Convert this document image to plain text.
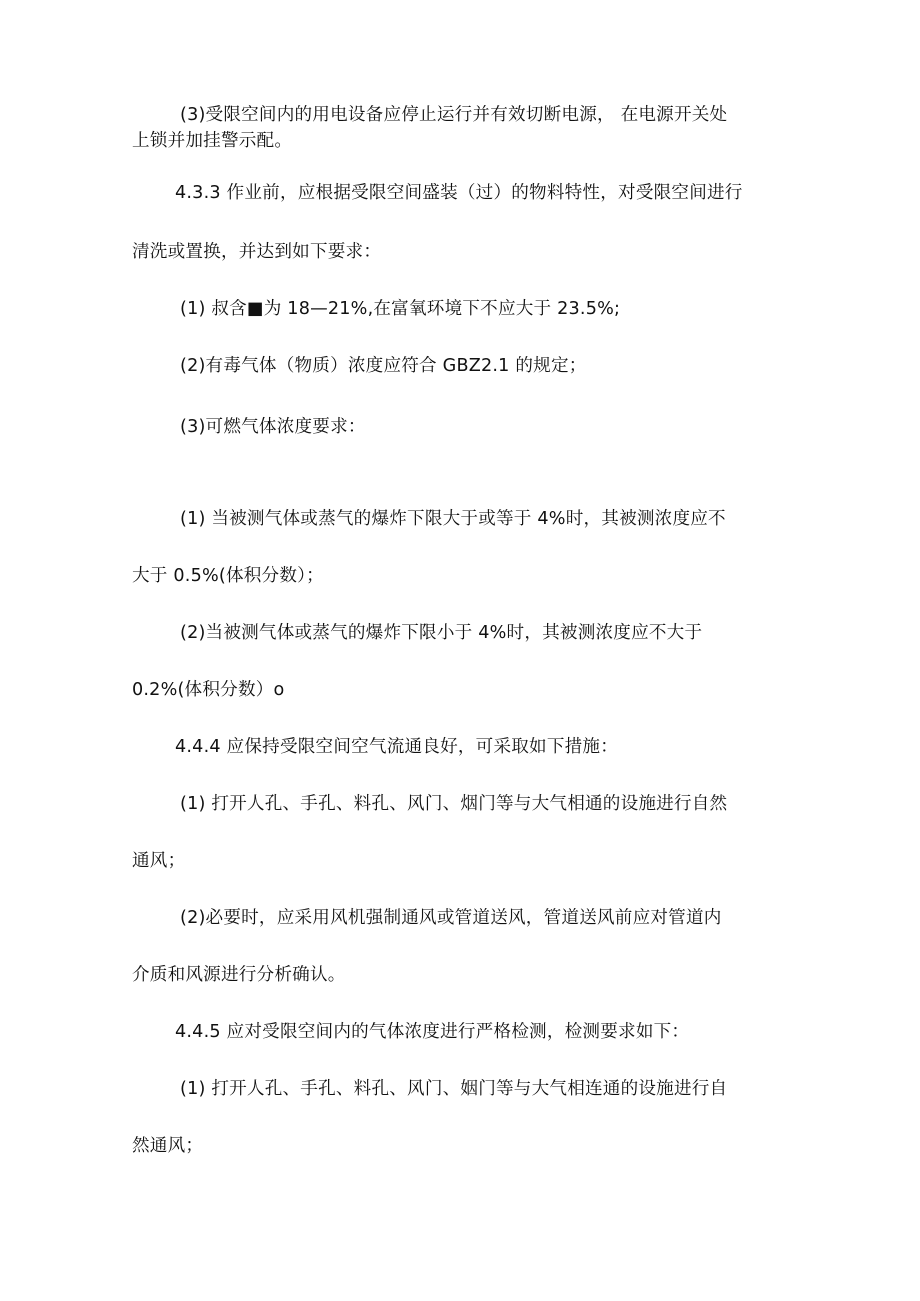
(3)受限空间内的用电设备应停止运行并有效切断电源， 在电源开关处
上锁并加挂警示配。
4.3.3 作业前，应根据受限空间盛装（过）的物料特性，对受限空间进行
清洗或置换，并达到如下要求：
(1) 叔含■为 18—21%,在富氧环境下不应大于 23.5%;
(2)有毒气体（物质）浓度应符合 GBZ2.1 的规定；
(3)可燃气体浓度要求：
(1) 当被测气体或蒸气的爆炸下限大于或等于 4%时，其被测浓度应不
大于 0.5%(体积分数）；
(2)当被测气体或蒸气的爆炸下限小于 4%时，其被测浓度应不大于
0.2%(体积分数）o
4.4.4 应保持受限空间空气流通良好，可采取如下措施：
(1) 打开人孔、手孔、料孔、风门、烟门等与大气相通的设施进行自然
通风；
(2)必要时，应采用风机强制通风或管道送风，管道送风前应对管道内
介质和风源进行分析确认。
4.4.5 应对受限空间内的气体浓度进行严格检测，检测要求如下：
(1) 打开人孔、手孔、料孔、风门、姻门等与大气相连通的设施进行自
然通风；
